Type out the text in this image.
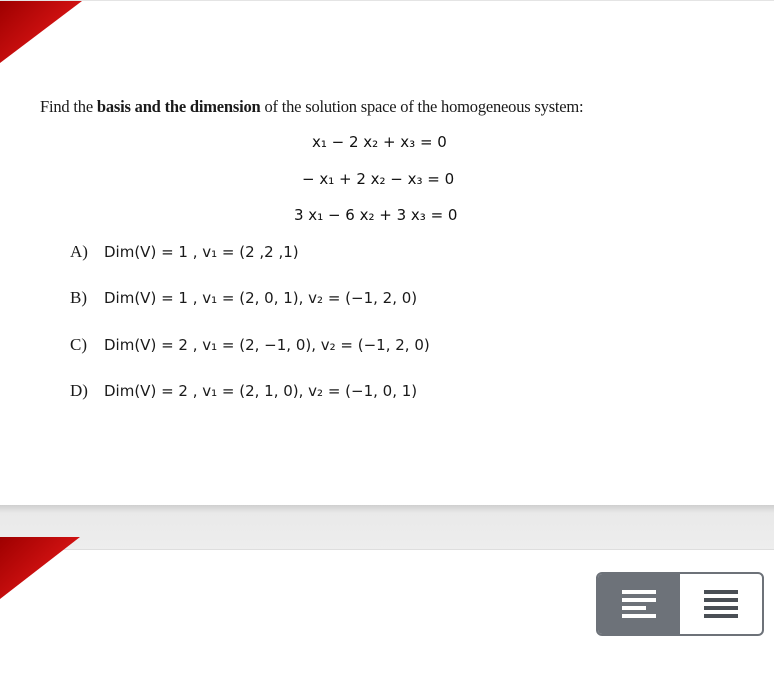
Find the basis and the dimension of the solution space of the homogeneous system:
x₁ − 2 x₂ + x₃ = 0
− x₁ + 2 x₂ − x₃ = 0
3 x₁ − 6 x₂ + 3 x₃ = 0
A) Dim(V) = 1 , v₁ = (2 ,2 ,1)
B) Dim(V) = 1 , v₁ = (2, 0, 1), v₂ = (−1, 2, 0)
C) Dim(V) = 2 , v₁ = (2, −1, 0), v₂ = (−1, 2, 0)
D) Dim(V) = 2 , v₁ = (2, 1, 0), v₂ = (−1, 0, 1)
